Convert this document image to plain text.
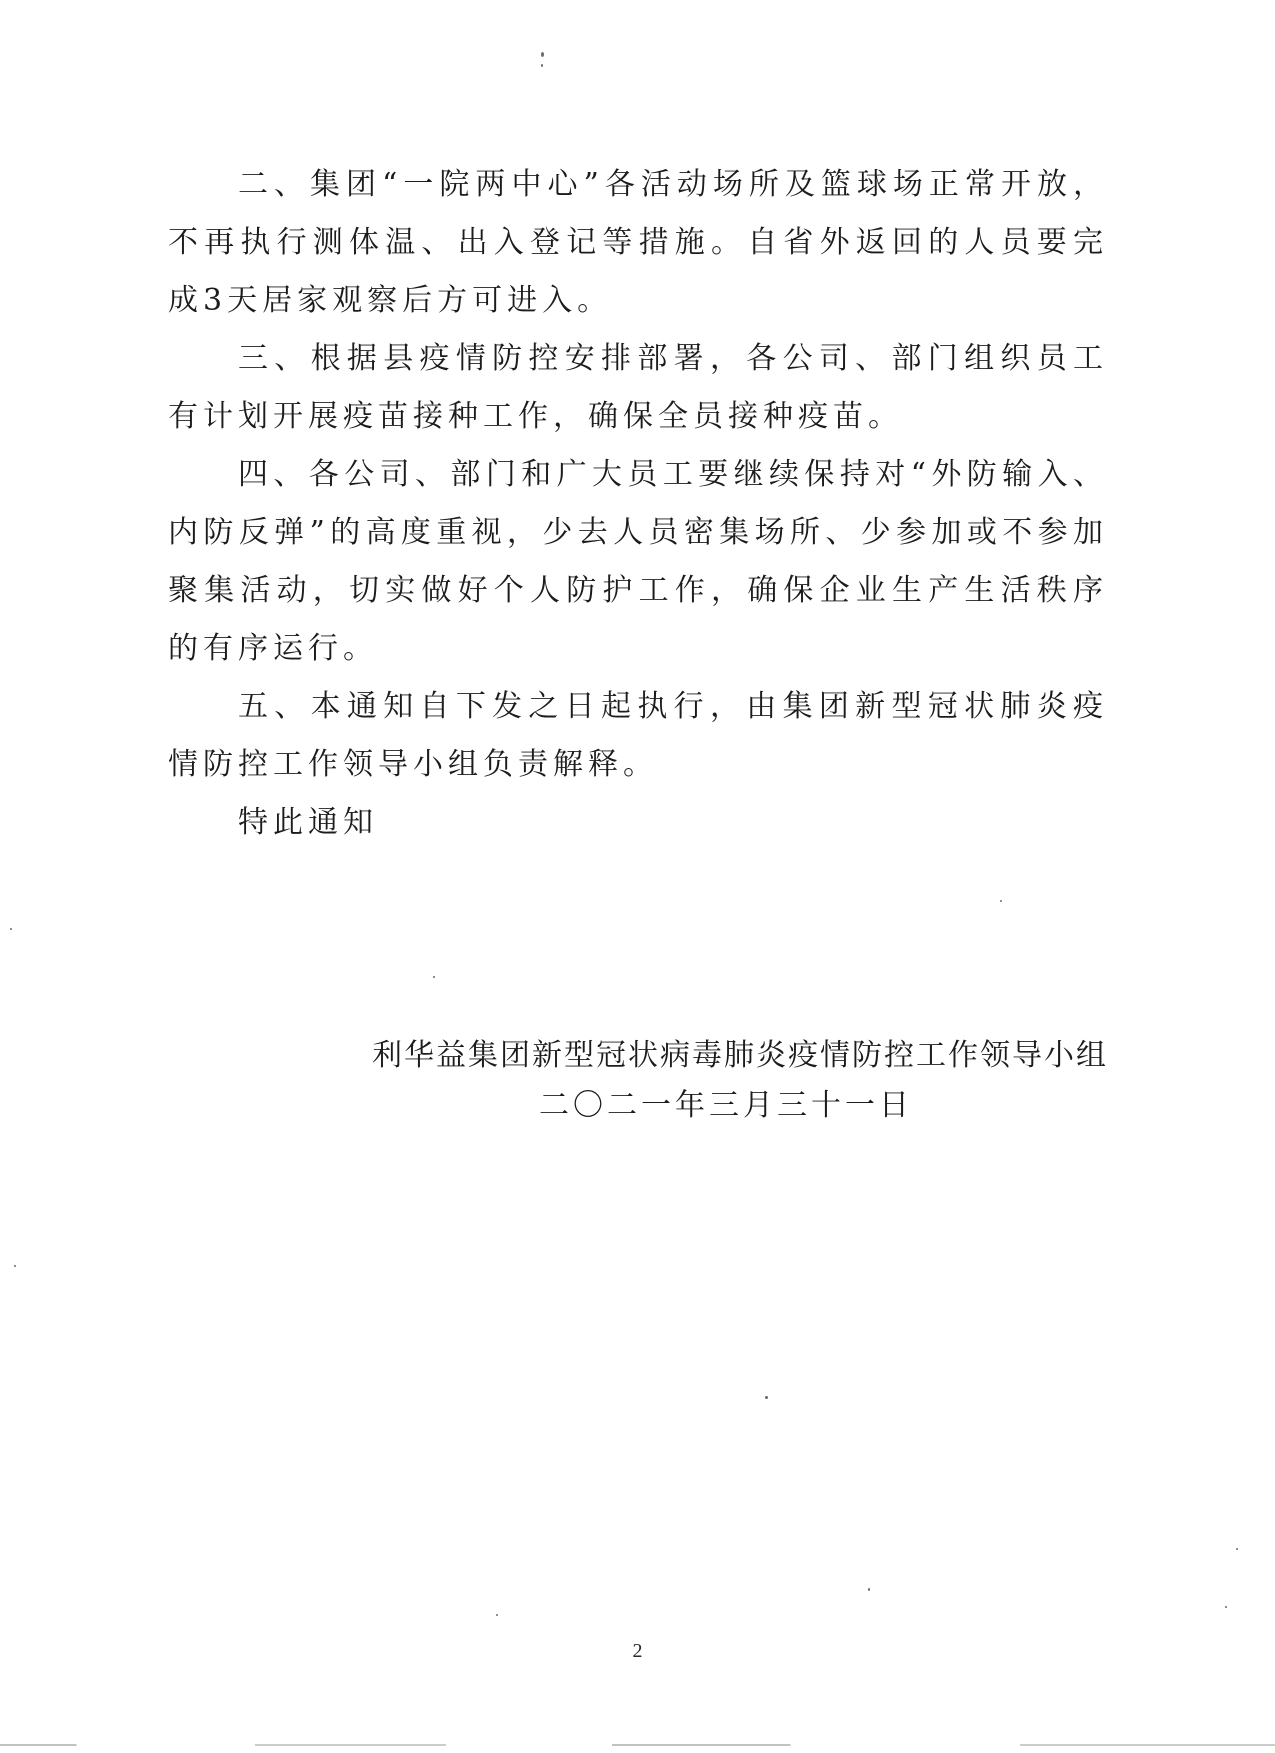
二、集团“一院两中心”各活动场所及篮球场正常开放，不再执行测体温、出入登记等措施。自省外返回的人员要完成3天居家观察后方可进入。

三、根据县疫情防控安排部署，各公司、部门组织员工有计划开展疫苗接种工作，确保全员接种疫苗。

四、各公司、部门和广大员工要继续保持对“外防输入、内防反弹”的高度重视，少去人员密集场所、少参加或不参加聚集活动，切实做好个人防护工作，确保企业生产生活秩序的有序运行。

五、本通知自下发之日起执行，由集团新型冠状肺炎疫情防控工作领导小组负责解释。

特此通知

利华益集团新型冠状病毒肺炎疫情防控工作领导小组
二〇二一年三月三十一日
2
